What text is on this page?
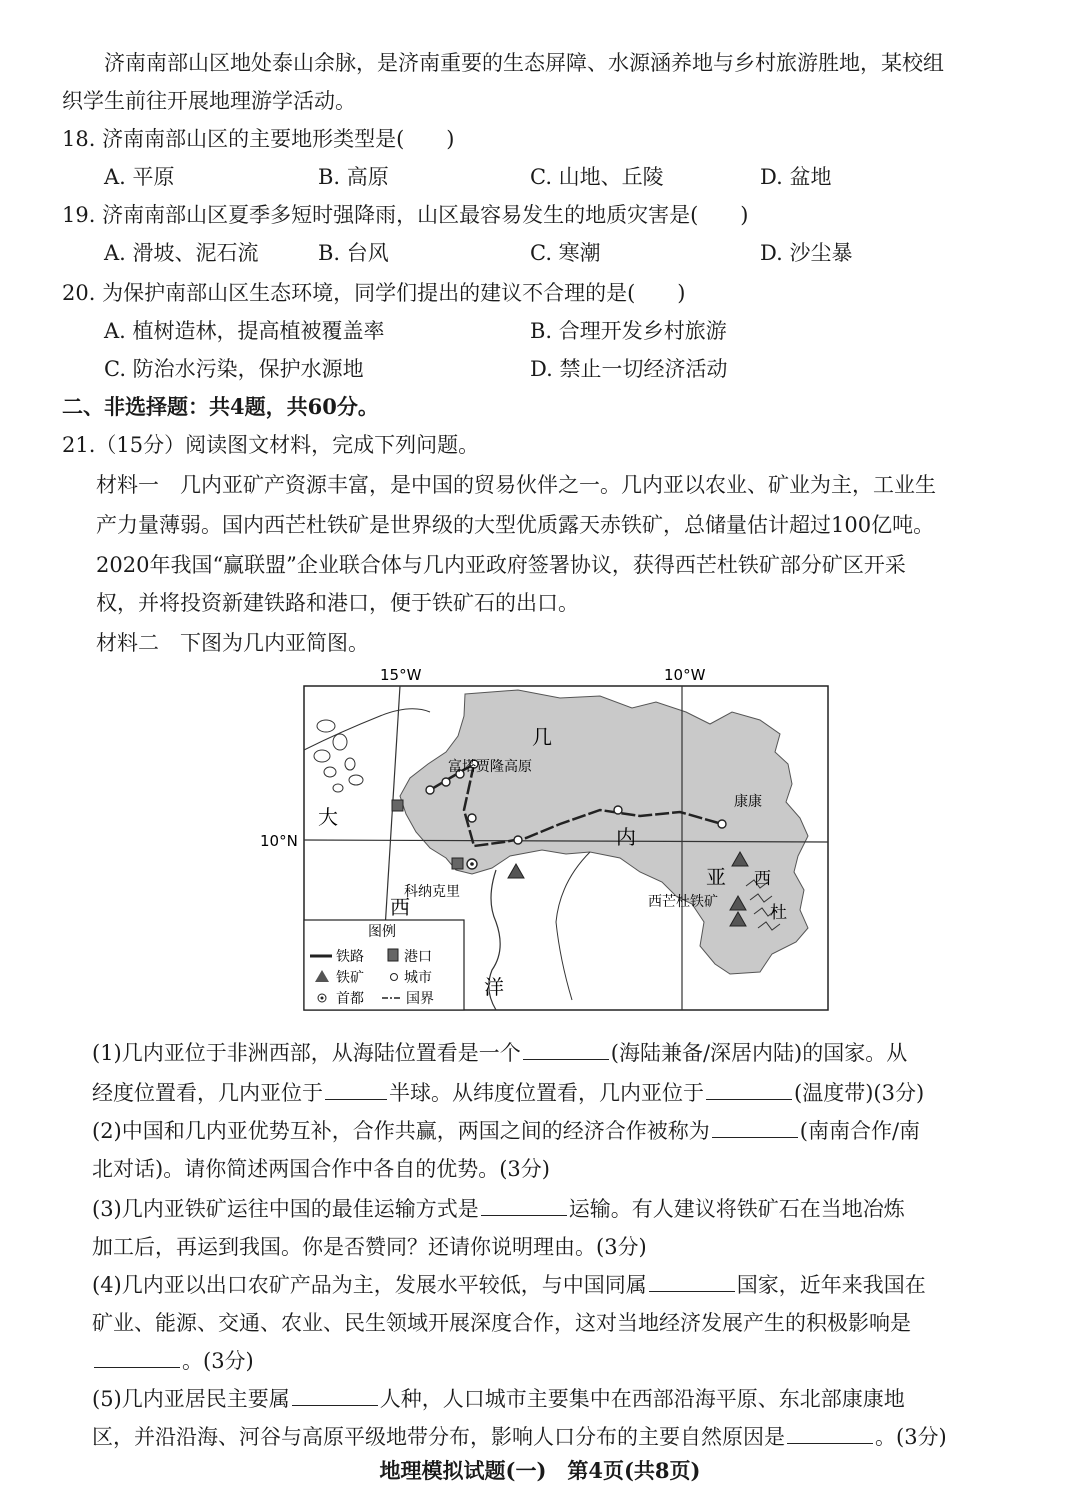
济南南部山区地处泰山余脉，是济南重要的生态屏障、水源涵养地与乡村旅游胜地，某校组
织学生前往开展地理游学活动。
18. 济南南部山区的主要地形类型是(　　)
A. 平原	B. 高原	C. 山地、丘陵	D. 盆地
19. 济南南部山区夏季多短时强降雨，山区最容易发生的地质灾害是(　　)
A. 滑坡、泥石流	B. 台风	C. 寒潮	D. 沙尘暴
20. 为保护南部山区生态环境，同学们提出的建议不合理的是(　　)
A. 植树造林，提高植被覆盖率	B. 合理开发乡村旅游
C. 防治水污染，保护水源地	D. 禁止一切经济活动
二、非选择题：共4题，共60分。
21.（15分）阅读图文材料，完成下列问题。
材料一　几内亚矿产资源丰富，是中国的贸易伙伴之一。几内亚以农业、矿业为主，工业生
产力量薄弱。国内西芒杜铁矿是世界级的大型优质露天赤铁矿，总储量估计超过100亿吨。
2020年我国“赢联盟”企业联合体与几内亚政府签署协议，获得西芒杜铁矿部分矿区开采
权，并将投资新建铁路和港口，便于铁矿石的出口。
材料二　下图为几内亚简图。
15°W	10°W
10°N
几
内
亚
大
西
洋
富塔贾隆高原
康康
科纳克里
西芒杜铁矿
西
杜
图例
铁路	港口
铁矿	城市
首都	国界
(1)几内亚位于非洲西部，从海陆位置看是一个	(海陆兼备/深居内陆)的国家。从
经度位置看，几内亚位于	半球。从纬度位置看，几内亚位于	(温度带)(3分)
(2)中国和几内亚优势互补，合作共赢，两国之间的经济合作被称为	(南南合作/南
北对话)。请你简述两国合作中各自的优势。(3分)
(3)几内亚铁矿运往中国的最佳运输方式是	运输。有人建议将铁矿石在当地冶炼
加工后，再运到我国。你是否赞同？还请你说明理由。(3分)
(4)几内亚以出口农矿产品为主，发展水平较低，与中国同属	国家，近年来我国在
矿业、能源、交通、农业、民生领域开展深度合作，这对当地经济发展产生的积极影响是
。(3分)
(5)几内亚居民主要属	人种，人口城市主要集中在西部沿海平原、东北部康康地
区，并沿沿海、河谷与高原平级地带分布，影响人口分布的主要自然原因是	。(3分)
地理模拟试题(一)　第4页(共8页)
